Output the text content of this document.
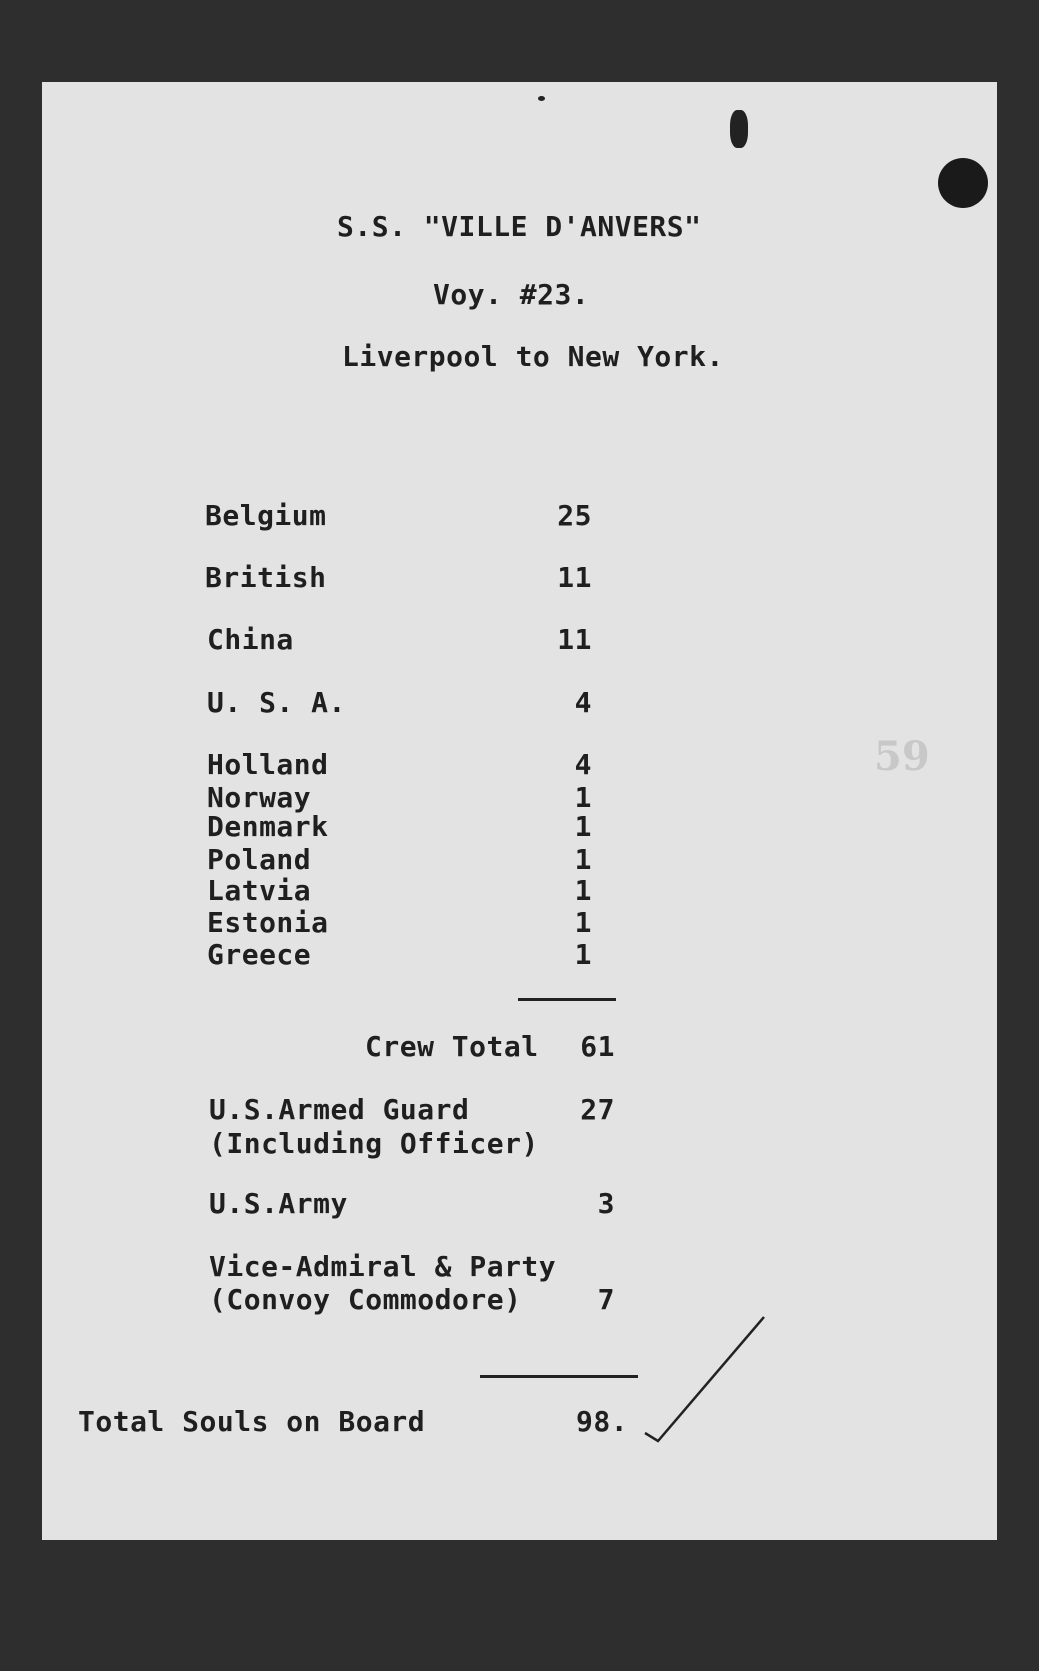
S.S. "VILLE D'ANVERS"
Voy. #23.
Liverpool to New York.
Belgium	25
British	11
China	11
U. S. A.	4
Holland	4
Norway	1
Denmark	1
Poland	1
Latvia	1
Estonia	1
Greece	1
Crew Total	61
U.S.Armed Guard	27
(Including Officer)
U.S.Army	3
Vice-Admiral & Party
(Convoy Commodore)	7
Total Souls on Board	98.
59
